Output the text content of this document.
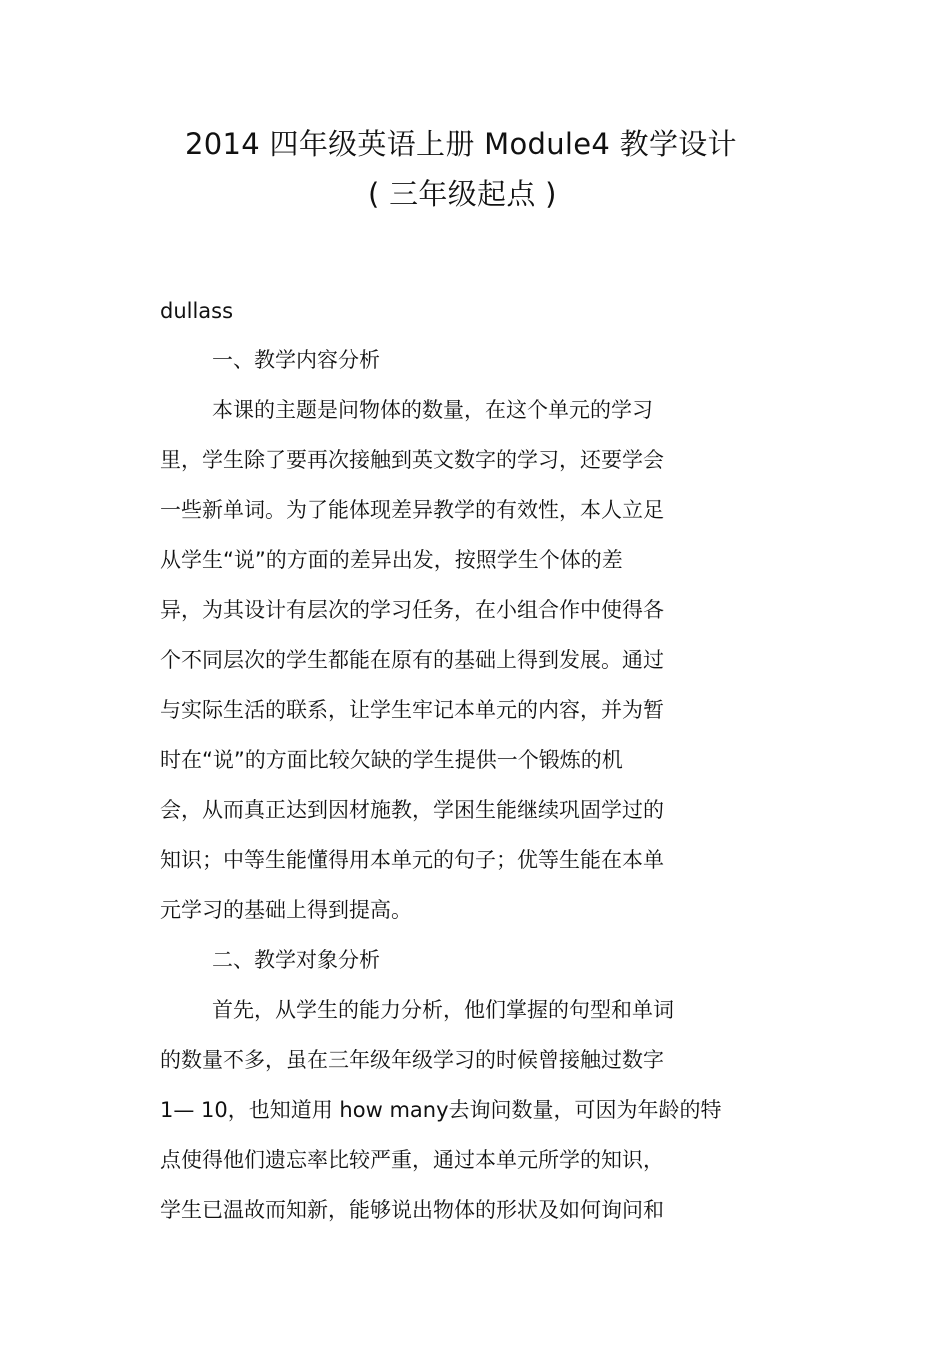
2014 四年级英语上册 Module4 教学设计
( 三年级起点 )
dullass
一、教学内容分析
本课的主题是问物体的数量，在这个单元的学习
里，学生除了要再次接触到英文数字的学习，还要学会
一些新单词。为了能体现差异教学的有效性，本人立足
从学生“说”的方面的差异出发，按照学生个体的差
异，为其设计有层次的学习任务，在小组合作中使得各
个不同层次的学生都能在原有的基础上得到发展。通过
与实际生活的联系，让学生牢记本单元的内容，并为暂
时在“说”的方面比较欠缺的学生提供一个锻炼的机
会，从而真正达到因材施教，学困生能继续巩固学过的
知识；中等生能懂得用本单元的句子；优等生能在本单
元学习的基础上得到提高。
二、教学对象分析
首先，从学生的能力分析，他们掌握的句型和单词
的数量不多，虽在三年级年级学习的时候曾接触过数字
1— 10，也知道用 how many去询问数量，可因为年龄的特
点使得他们遗忘率比较严重，通过本单元所学的知识，
学生已温故而知新，能够说出物体的形状及如何询问和
